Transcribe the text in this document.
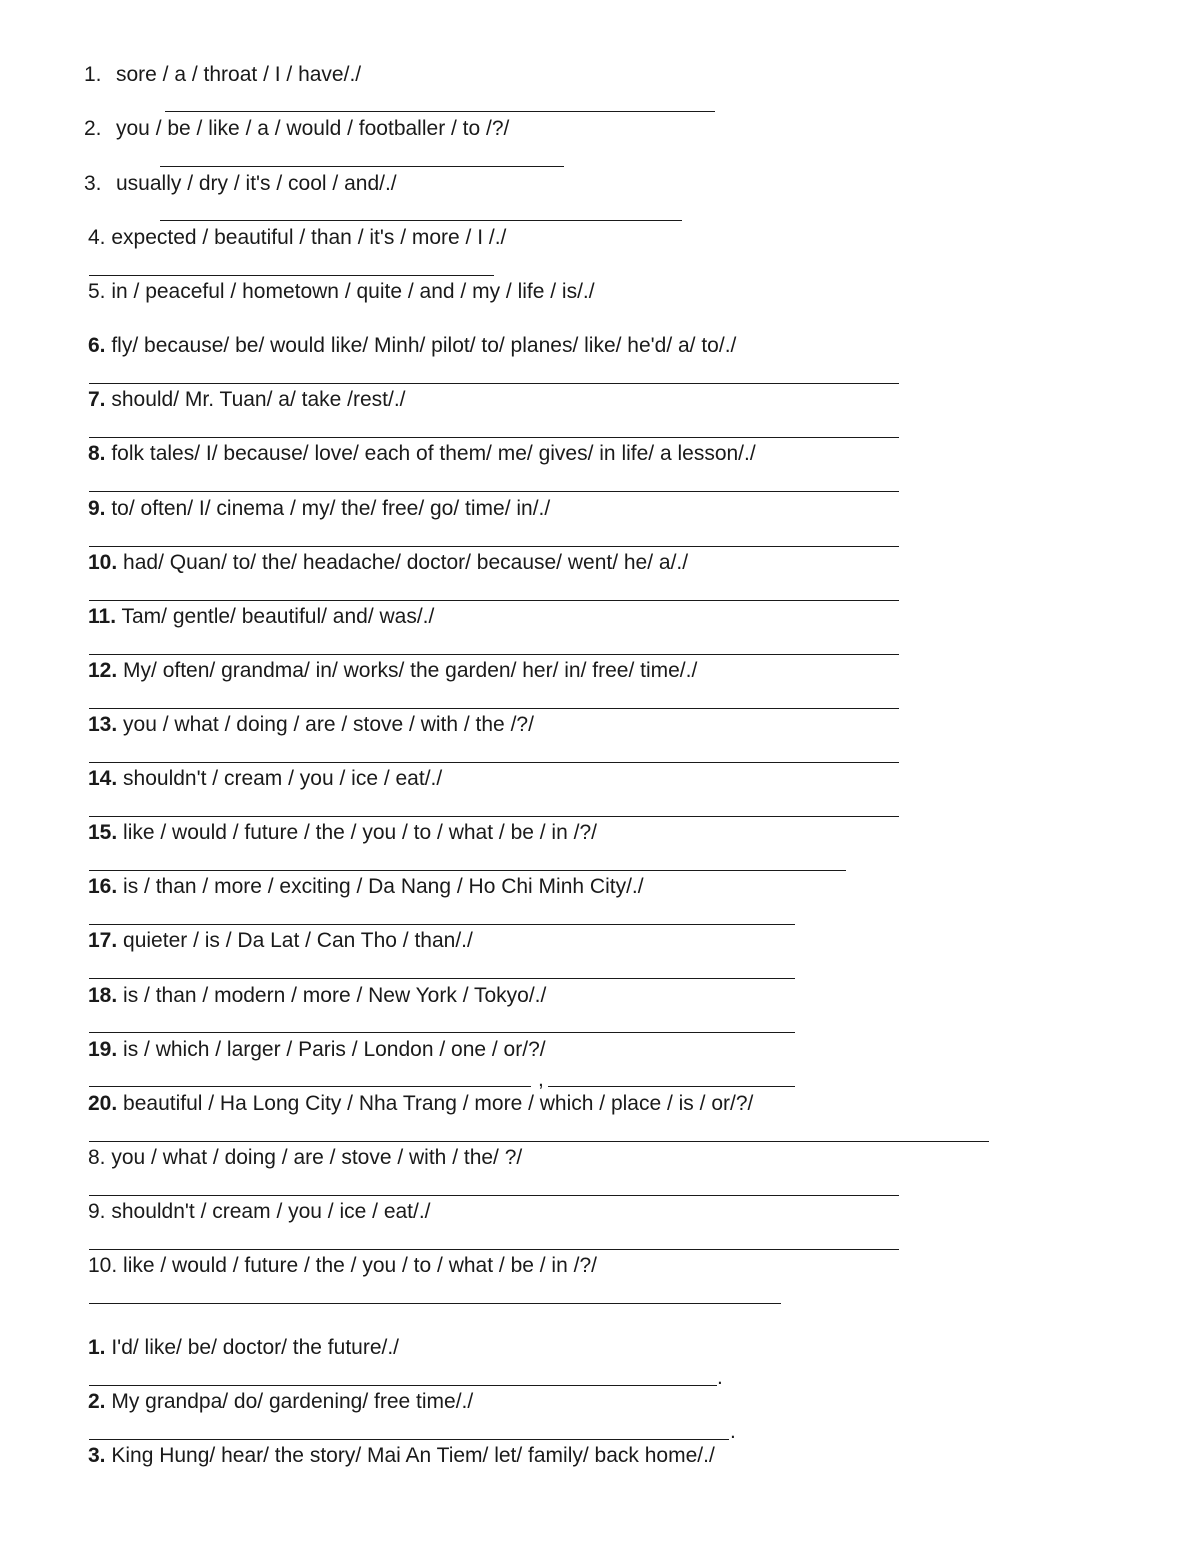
1. sore / a / throat / I / have/./
2. you / be / like / a / would / footballer / to /?/
3. usually / dry / it's / cool / and/./
4. expected / beautiful / than / it's / more / I /./
5. in / peaceful / hometown / quite / and / my / life / is/./
6. fly/ because/ be/ would like/ Minh/ pilot/ to/ planes/ like/ he'd/ a/ to/./
7. should/ Mr. Tuan/ a/ take /rest/./
8. folk tales/ I/ because/ love/ each of them/ me/ gives/ in life/ a lesson/./
9. to/ often/ I/ cinema / my/ the/ free/ go/ time/ in/./
10. had/ Quan/ to/ the/ headache/ doctor/ because/ went/ he/ a/./
11. Tam/ gentle/ beautiful/ and/ was/./
12. My/ often/ grandma/ in/ works/ the garden/ her/ in/ free/ time/./
13. you / what / doing / are / stove / with / the /?/
14. shouldn't / cream / you / ice / eat/./
15. like / would / future / the / you / to / what / be / in /?/
16. is / than / more / exciting / Da Nang / Ho Chi Minh City/./
17. quieter / is / Da Lat / Can Tho / than/./
18. is / than / modern / more / New York / Tokyo/./
19. is / which / larger / Paris / London / one / or/?/
,
20. beautiful / Ha Long City / Nha Trang / more / which / place / is / or/?/
8. you / what / doing / are / stove / with / the/ ?/
9. shouldn't / cream / you / ice / eat/./
10. like / would / future / the / you / to / what / be / in /?/
1. I'd/ like/ be/ doctor/ the future/./
.
2. My grandpa/ do/ gardening/ free time/./
.
3. King Hung/ hear/ the story/ Mai An Tiem/ let/ family/ back home/./
